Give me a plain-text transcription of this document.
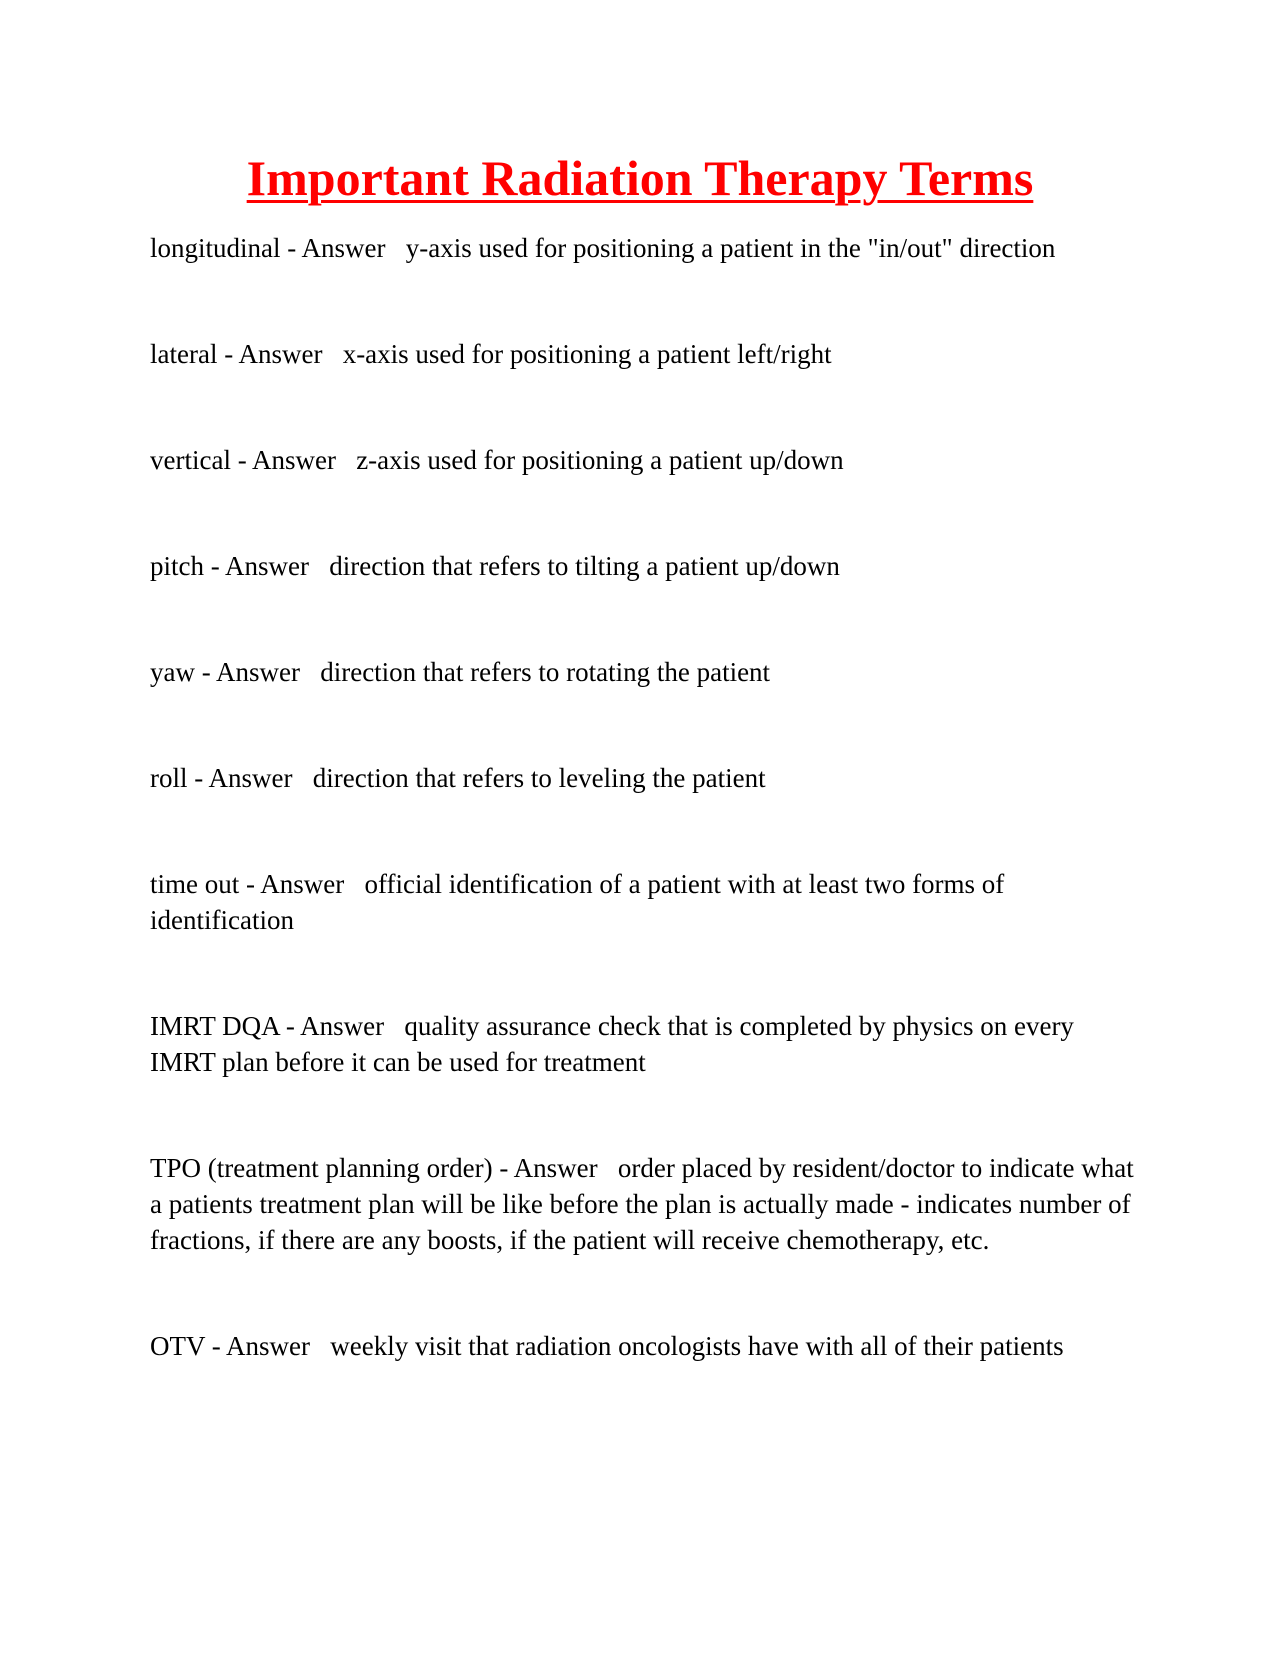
Important Radiation Therapy Terms
longitudinal - Answer   y-axis used for positioning a patient in the "in/out" direction
lateral - Answer   x-axis used for positioning a patient left/right
vertical - Answer   z-axis used for positioning a patient up/down
pitch - Answer   direction that refers to tilting a patient up/down
yaw - Answer   direction that refers to rotating the patient
roll - Answer   direction that refers to leveling the patient
time out - Answer   official identification of a patient with at least two forms of identification
IMRT DQA - Answer   quality assurance check that is completed by physics on every IMRT plan before it can be used for treatment
TPO (treatment planning order) - Answer   order placed by resident/doctor to indicate what a patients treatment plan will be like before the plan is actually made - indicates number of fractions, if there are any boosts, if the patient will receive chemotherapy, etc.
OTV - Answer   weekly visit that radiation oncologists have with all of their patients
